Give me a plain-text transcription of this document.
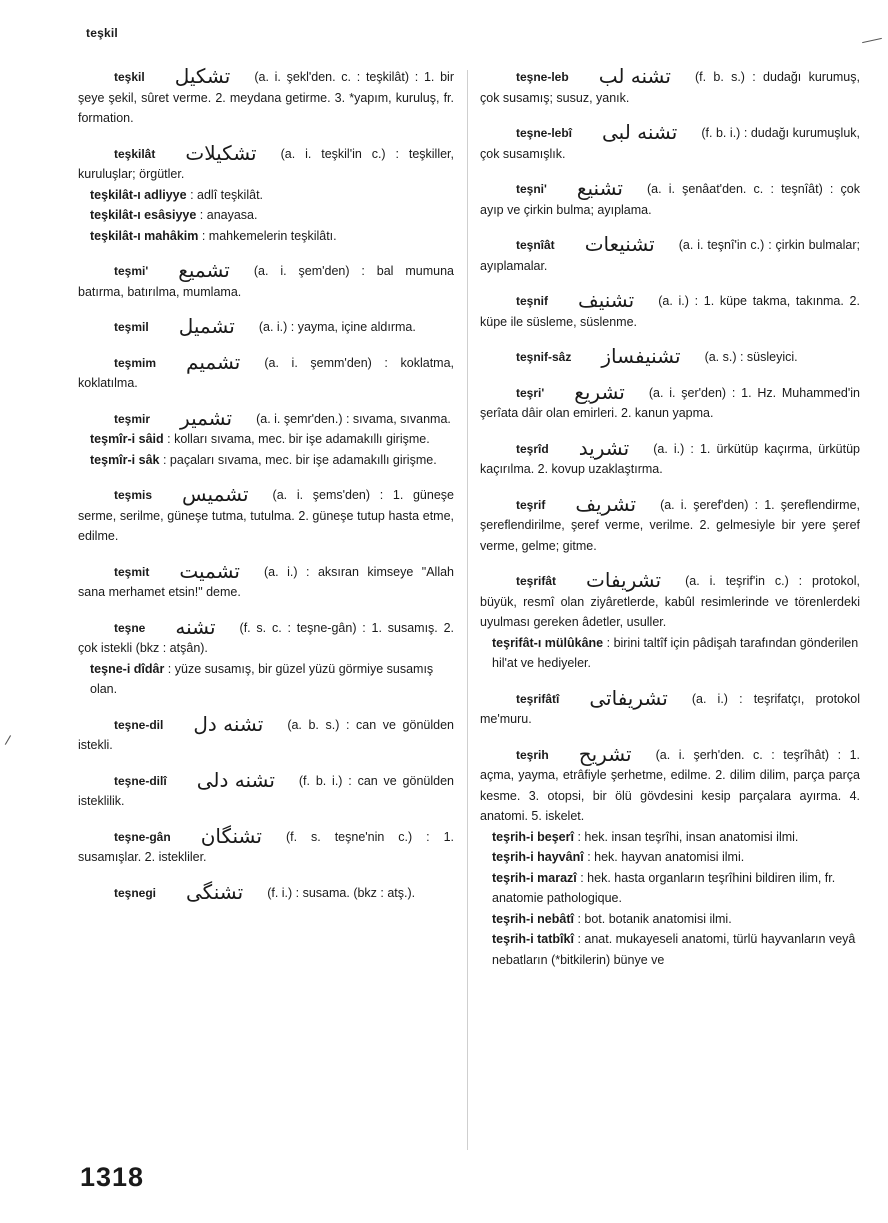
teşkil
/

teşkil تشكيل (a. i. şekl'den. c. : teşkilât) : 1. bir şeye şekil, sûret verme. 2. meydana getirme. 3. *yapım, kuruluş, fr. formation.

teşkilât تشكيلات (a. i. teşkil'in c.) : teşkiller, kuruluşlar; örgütler.

teşkilât-ı adliyye : adlî teşkilât.

teşkilât-ı esâsiyye : anayasa.

teşkilât-ı mahâkim : mahkemelerin teşkilâtı.

teşmi' تشميع (a. i. şem'den) : bal mumuna batırma, batırılma, mumlama.

teşmil تشميل (a. i.) : yayma, içine aldırma.

teşmim تشميم (a. i. şemm'den) : koklatma, koklatılma.

teşmir تشمير (a. i. şemr'den.) : sıvama, sıvanma.

teşmîr-i sâid : kolları sıvama, mec. bir işe adamakıllı girişme.

teşmîr-i sâk : paçaları sıvama, mec. bir işe adamakıllı girişme.

teşmis تشميس (a. i. şems'den) : 1. güneşe serme, serilme, güneşe tutma, tutulma. 2. güneşe tutup hasta etme, edilme.

teşmit تشميت (a. i.) : aksıran kimseye "Allah sana merhamet etsin!" deme.

teşne تشنه (f. s. c. : teşne-gân) : 1. susamış. 2. çok istekli (bkz : atşân).

teşne-i dîdâr : yüze susamış, bir güzel yüzü görmiye susamış olan.

teşne-dil تشنه دل (a. b. s.) : can ve gönülden istekli.

teşne-dilî تشنه دلى (f. b. i.) : can ve gönülden isteklilik.

teşne-gân تشنگان (f. s. teşne'nin c.) : 1. susamışlar. 2. istekliler.

teşnegi تشنگى (f. i.) : susama. (bkz : atş.).

teşne-leb تشنه لب (f. b. s.) : dudağı kurumuş, çok susamış; susuz, yanık.

teşne-lebî تشنه لبى (f. b. i.) : dudağı kurumuşluk, çok susamışlık.

teşni' تشنيع (a. i. şenâat'den. c. : teşnîât) : çok ayıp ve çirkin bulma; ayıplama.

teşnîât تشنيعات (a. i. teşnî'in c.) : çirkin bulmalar; ayıplamalar.

teşnif تشنيف (a. i.) : 1. küpe takma, takınma. 2. küpe ile süsleme, süslenme.

teşnif-sâz تشنيفساز (a. s.) : süsleyici.

teşri' تشريع (a. i. şer'den) : 1. Hz. Muhammed'in şerîata dâir olan emirleri. 2. kanun yapma.

teşrîd تشريد (a. i.) : 1. ürkütüp kaçırma, ürkütüp kaçırılma. 2. kovup uzaklaştırma.

teşrif تشريف (a. i. şeref'den) : 1. şereflendirme, şereflendirilme, şeref verme, verilme. 2. gelmesiyle bir yere şeref verme, gelme; gitme.

teşrifât تشريفات (a. i. teşrif'in c.) : protokol, büyük, resmî olan ziyâretlerde, kabûl resimlerinde ve törenlerdeki uyulması gereken âdetler, usuller.

teşrifât-ı mülûkâne : birini taltîf için pâdişah tarafından gönderilen hil'at ve hediyeler.

teşrifâtî تشريفاتى (a. i.) : teşrifatçı, protokol me'muru.

teşrih تشريح (a. i. şerh'den. c. : teşrîhât) : 1. açma, yayma, etrâfiyle şerhetme, edilme. 2. dilim dilim, parça parça kesme. 3. otopsi, bir ölü gövdesini kesip parçalara ayırma. 4. anatomi. 5. iskelet.

teşrih-i beşerî : hek. insan teşrîhi, insan anatomisi ilmi.

teşrih-i hayvânî : hek. hayvan anatomisi ilmi.

teşrih-i marazî : hek. hasta organların teşrîhini bildiren ilim, fr. anatomie pathologique.

teşrih-i nebâtî : bot. botanik anatomisi ilmi.

teşrih-i tatbîkî : anat. mukayeseli anatomi, türlü hayvanların veyâ nebatların (*bitkilerin) bünye ve

1318
